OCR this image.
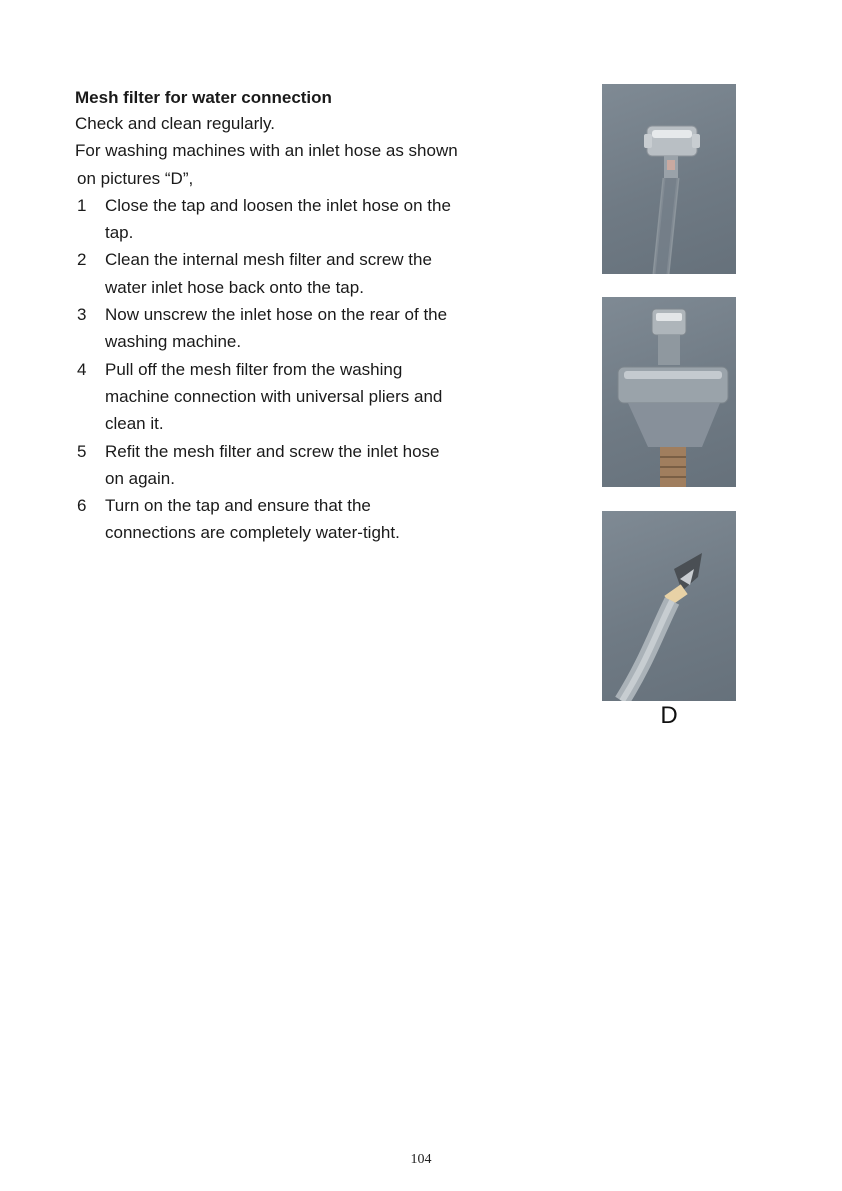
Mesh filter for water connection

Check and clean regularly.

For washing machines with an inlet hose as shown

on pictures “D”,

1	Close the tap and loosen the inlet hose on the tap.
2	Clean the internal mesh filter and screw the water inlet hose back onto the tap.
3	Now unscrew the inlet hose on the rear of the washing machine.
4	Pull off the mesh filter from the washing machine connection with universal pliers and clean it.
5	Refit the mesh filter and screw the inlet hose on again.
6	Turn on the tap and ensure that the connections are completely water-tight.
D
104
